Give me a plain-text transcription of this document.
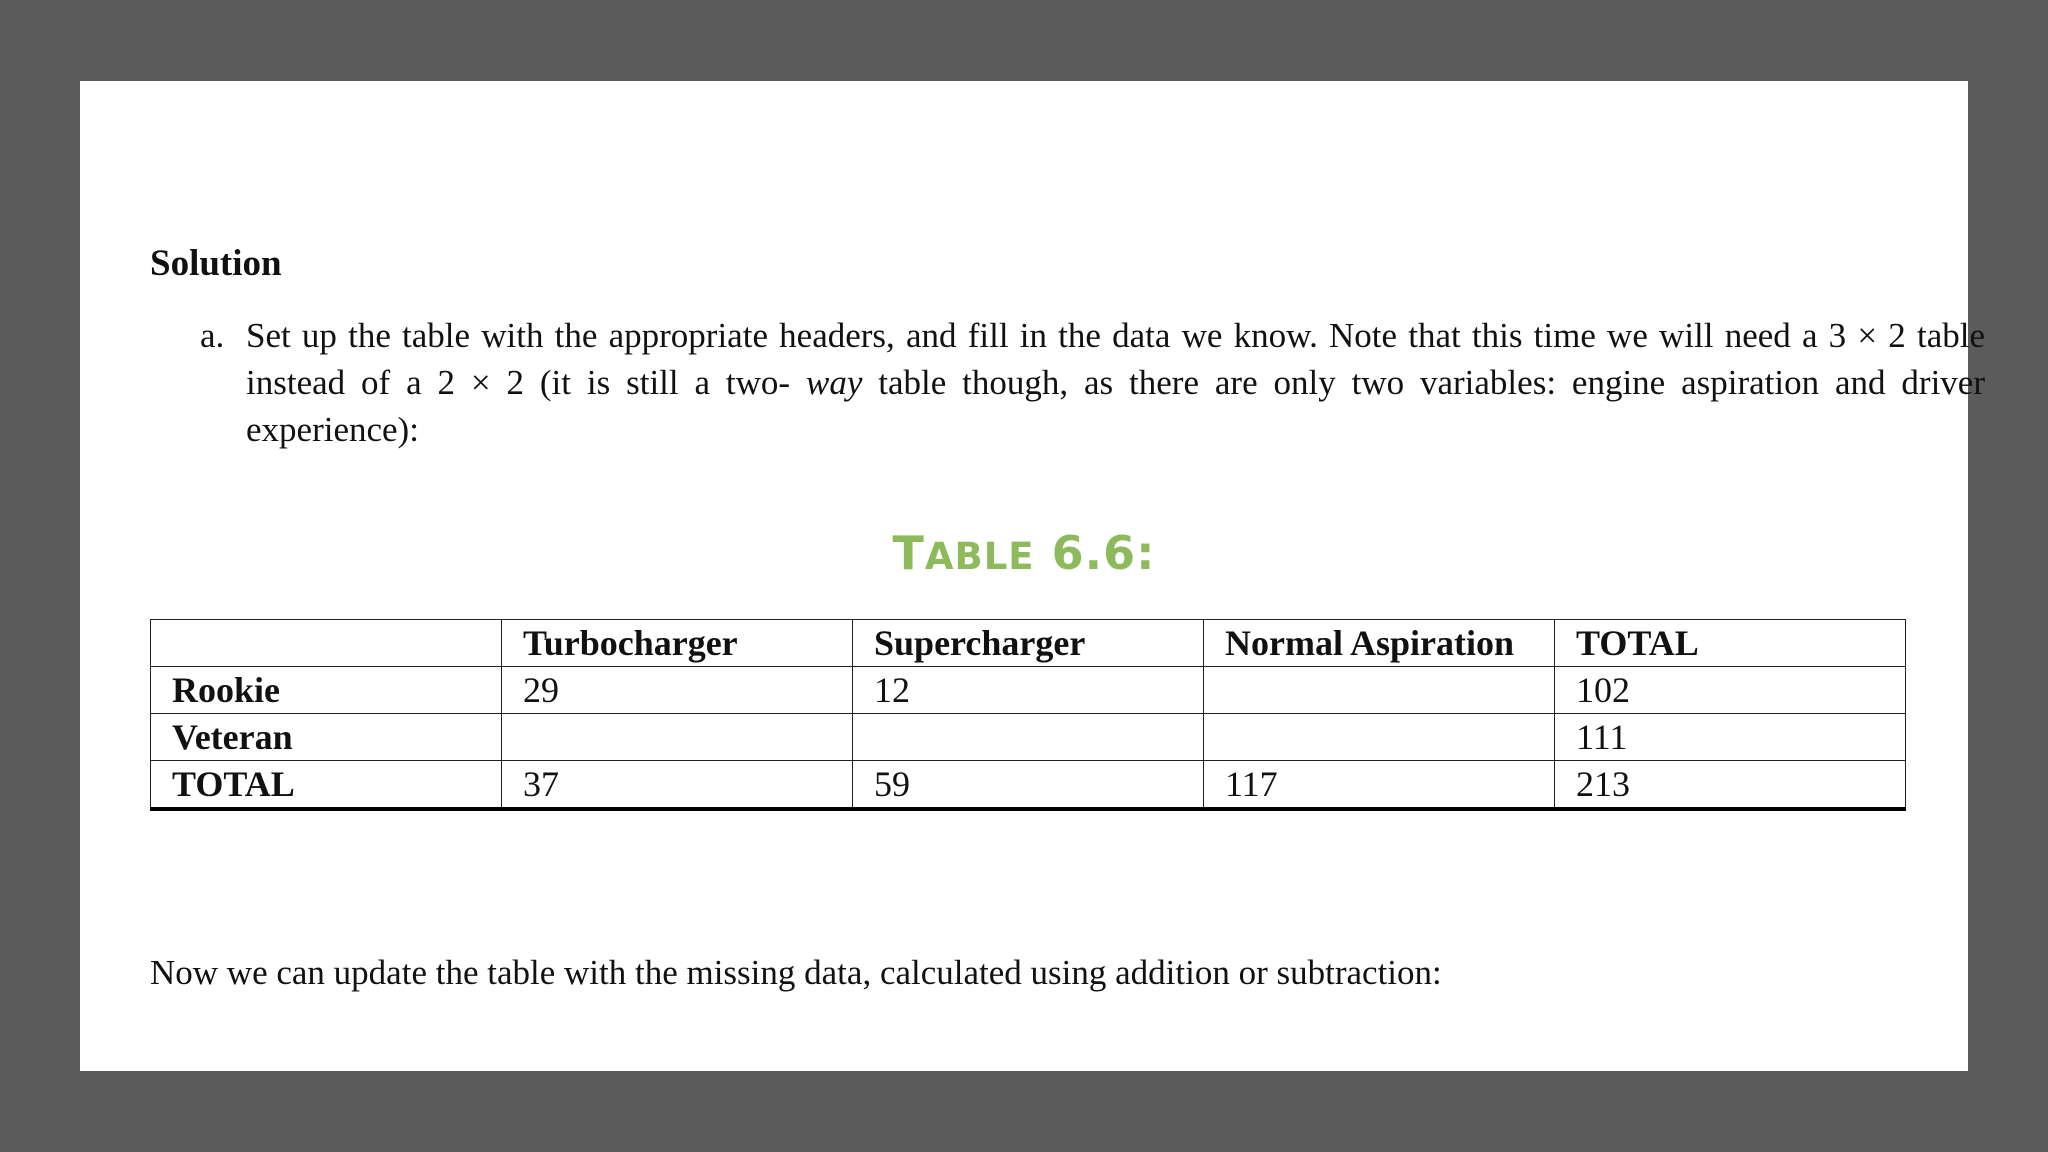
Solution
a. Set up the table with the appropriate headers, and fill in the data we know. Note that this time we will need a 3 × 2 table instead of a 2 × 2 (it is still a two- way table though, as there are only two variables: engine aspiration and driver experience):
TABLE 6.6:
	Turbocharger	Supercharger	Normal Aspiration	TOTAL
Rookie	29	12		102
Veteran				111
TOTAL	37	59	117	213

Now we can update the table with the missing data, calculated using addition or subtraction:
